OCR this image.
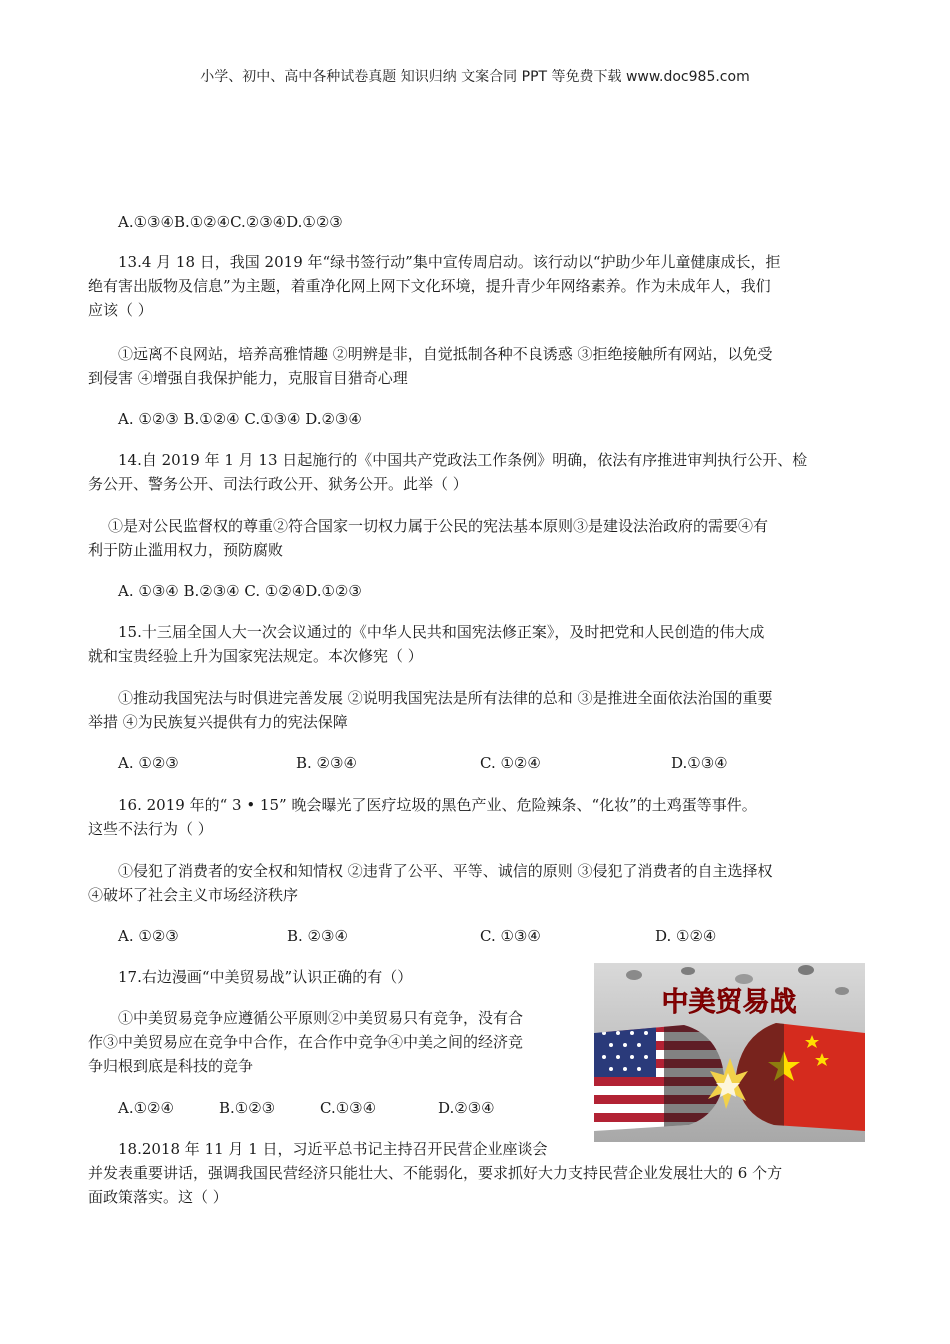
小学、初中、高中各种试卷真题 知识归纳 文案合同 PPT 等免费下载 www.doc985.com
A.①③④B.①②④C.②③④D.①②③
13.4 月 18 日，我国 2019 年“绿书签行动”集中宣传周启动。该行动以“护助少年儿童健康成长，拒
绝有害出版物及信息”为主题，着重净化网上网下文化环境，提升青少年网络素养。作为未成年人，我们
应该（ ）
①远离不良网站，培养高雅情趣 ②明辨是非，自觉抵制各种不良诱惑 ③拒绝接触所有网站，以免受
到侵害 ④增强自我保护能力，克服盲目猎奇心理
A. ①②③ B.①②④ C.①③④ D.②③④
14.自 2019 年 1 月 13 日起施行的《中国共产党政法工作条例》明确，依法有序推进审判执行公开、检
务公开、警务公开、司法行政公开、狱务公开。此举（ ）
①是对公民监督权的尊重②符合国家一切权力属于公民的宪法基本原则③是建设法治政府的需要④有
利于防止滥用权力，预防腐败
A. ①③④ B.②③④ C. ①②④D.①②③
15.十三届全国人大一次会议通过的《中华人民共和国宪法修正案》，及时把党和人民创造的伟大成
就和宝贵经验上升为国家宪法规定。本次修宪（ ）
①推动我国宪法与时俱进完善发展 ②说明我国宪法是所有法律的总和 ③是推进全面依法治国的重要
举措 ④为民族复兴提供有力的宪法保障
A. ①②③	B. ②③④	C. ①②④	D.①③④
16. 2019 年的“ 3 • 15” 晚会曝光了医疗垃圾的黑色产业、危险辣条、“化妆”的土鸡蛋等事件。
这些不法行为（ ）
①侵犯了消费者的安全权和知情权 ②违背了公平、平等、诚信的原则 ③侵犯了消费者的自主选择权
④破坏了社会主义市场经济秩序
A. ①②③	B. ②③④	C. ①③④	D. ①②④
17.右边漫画“中美贸易战”认识正确的有（）
①中美贸易竞争应遵循公平原则②中美贸易只有竞争，没有合
作③中美贸易应在竞争中合作，在合作中竞争④中美之间的经济竞
争归根到底是科技的竞争
A.①②④	B.①②③	C.①③④	D.②③④
中美贸易战
18.2018 年 11 月 1 日，习近平总书记主持召开民营企业座谈会
并发表重要讲话，强调我国民营经济只能壮大、不能弱化，要求抓好大力支持民营企业发展壮大的 6 个方
面政策落实。这（ ）
